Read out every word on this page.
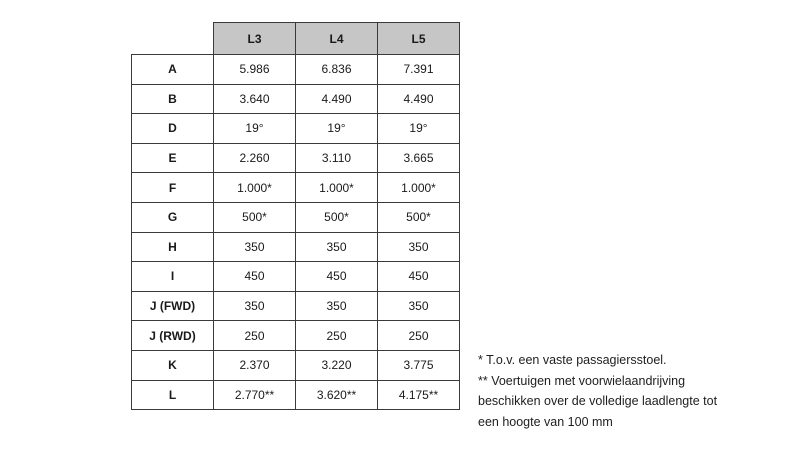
	L3	L4	L5
A	5.986	6.836	7.391
B	3.640	4.490	4.490
D	19°	19°	19°
E	2.260	3.110	3.665
F	1.000*	1.000*	1.000*
G	500*	500*	500*
H	350	350	350
I	450	450	450
J (FWD)	350	350	350
J (RWD)	250	250	250
K	2.370	3.220	3.775
L	2.770**	3.620**	4.175**
* T.o.v. een vaste passagiersstoel.
** Voertuigen met voorwielaandrijving
beschikken over de volledige laadlengte tot
een hoogte van 100 mm
